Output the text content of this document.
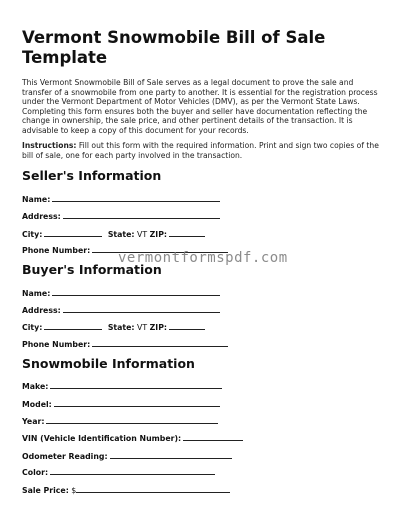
Vermont Snowmobile Bill of Sale Template
This Vermont Snowmobile Bill of Sale serves as a legal document to prove the sale and transfer of a snowmobile from one party to another. It is essential for the registration process under the Vermont Department of Motor Vehicles (DMV), as per the Vermont State Laws. Completing this form ensures both the buyer and seller have documentation reflecting the change in ownership, the sale price, and other pertinent details of the transaction. It is advisable to keep a copy of this document for your records.
Instructions: Fill out this form with the required information. Print and sign two copies of the bill of sale, one for each party involved in the transaction.
Seller's Information
Name:
Address:
City:	State: VT ZIP:
Phone Number:	vermontformspdf.com
Buyer's Information
Name:
Address:
City:	State: VT ZIP:
Phone Number:
Snowmobile Information
Make:
Model:
Year:
VIN (Vehicle Identification Number):
Odometer Reading:
Color:
Sale Price: $
